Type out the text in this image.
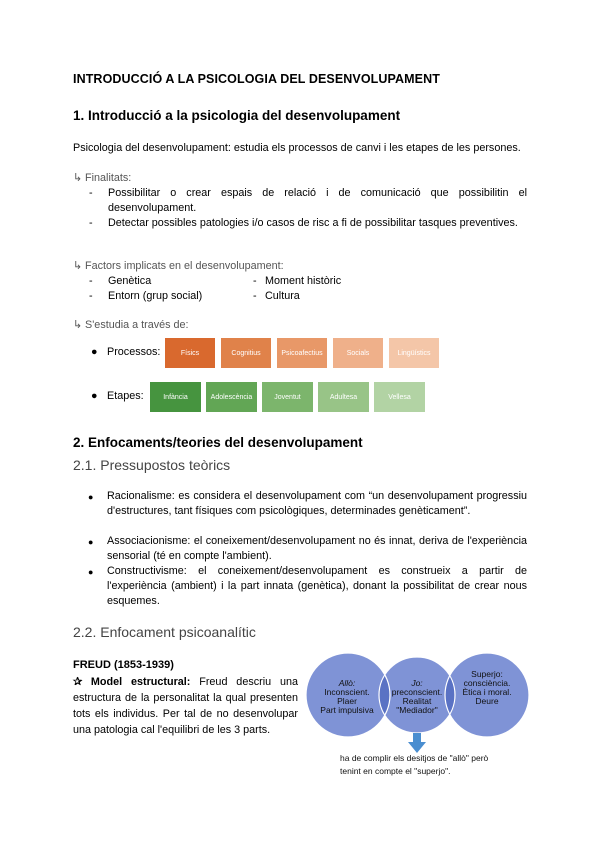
INTRODUCCIÓ A LA PSICOLOGIA DEL DESENVOLUPAMENT
1. Introducció a la psicologia del desenvolupament
Psicologia del desenvolupament: estudia els processos de canvi i les etapes de les persones.
↳ Finalitats:
- Possibilitar o crear espais de relació i de comunicació que possibilitin el desenvolupament.
- Detectar possibles patologies i/o casos de risc a fi de possibilitar tasques preventives.
↳ Factors implicats en el desenvolupament:
- Genètica	- Moment històric
- Entorn (grup social)	- Cultura
↳ S'estudia a través de:
● Processos:	Físics	Cognitius	Psicoafectius	Socials	Lingüístics
● Etapes:	Infància	Adolescència	Joventut	Adultesa	Vellesa
2. Enfocaments/teories del desenvolupament
2.1. Pressupostos teòrics
● Racionalisme: es considera el desenvolupament com “un desenvolupament progressiu d'estructures, tant físiques com psicològiques, determinades genèticament”.
● Associacionisme: el coneixement/desenvolupament no és innat, deriva de l'experiència sensorial (té en compte l'ambient).
● Constructivisme: el coneixement/desenvolupament es construeix a partir de l'experiència (ambient) i la part innata (genètica), donant la possibilitat de crear nous esquemes.
2.2. Enfocament psicoanalític
FREUD (1853-1939)
✰ Model estructural: Freud descriu una estructura de la personalitat la qual presenten tots els individus. Per tal de no desenvolupar una patologia cal l'equilibri de les 3 parts.
Allò:
Inconscient.
Plaer
Part impulsiva
Jo:
preconscient.
Realitat
"Mediador"
Superjo:
consciència.
Ètica i moral.
Deure
ha de complir els desitjos de "allò" però
tenint en compte el "superjo".
